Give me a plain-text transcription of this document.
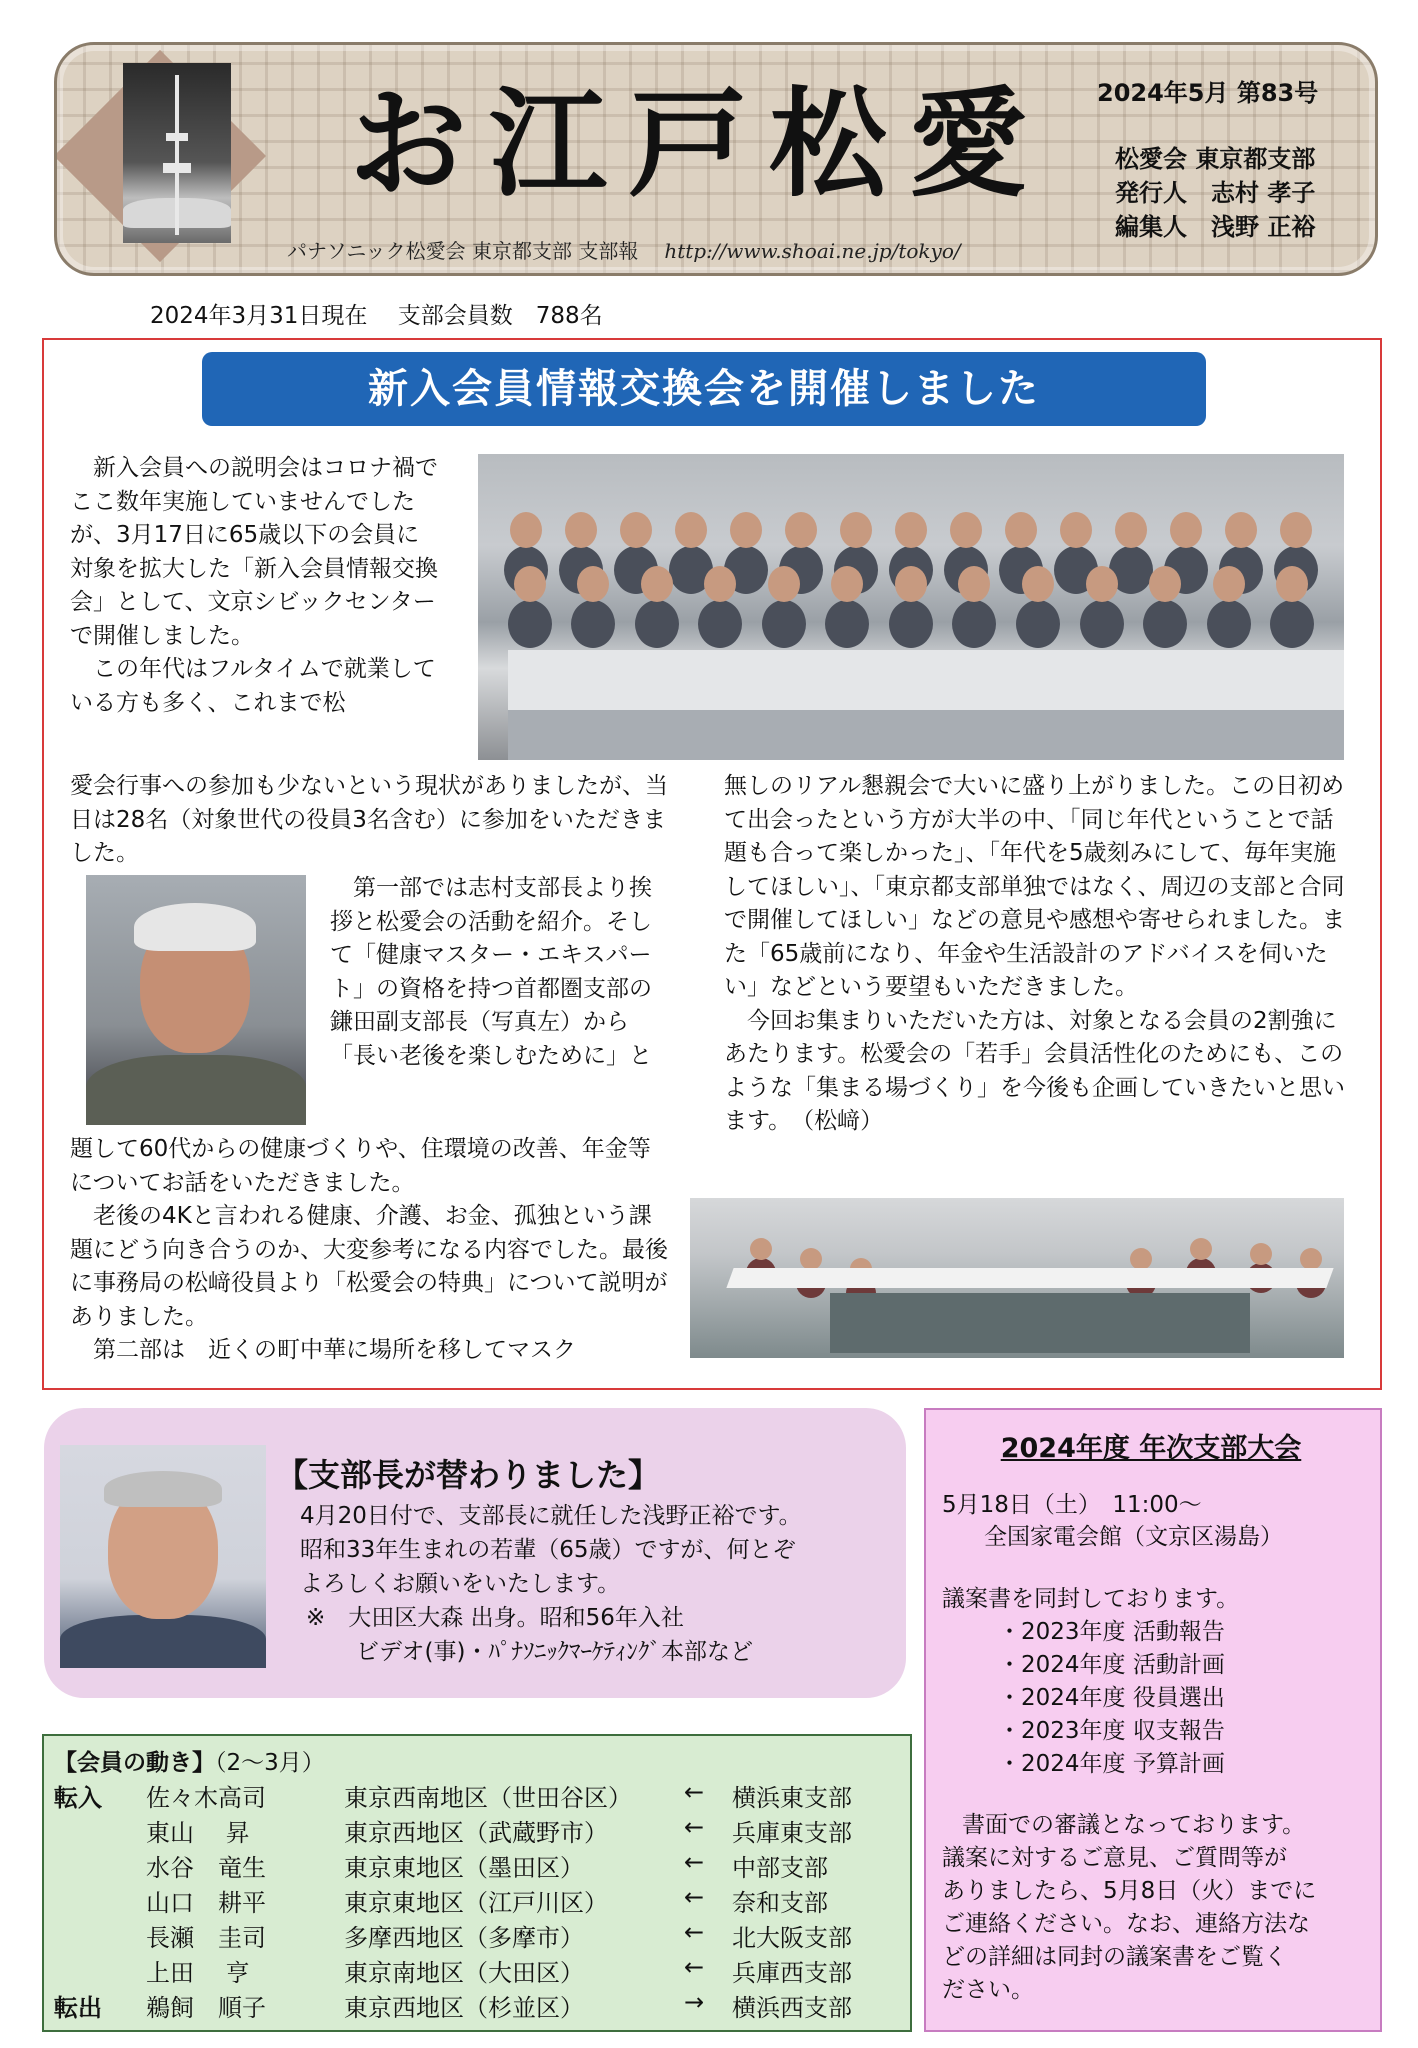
お江戸松愛
パナソニック松愛会 東京都支部 支部報 http://www.shoai.ne.jp/tokyo/
2024年5月 第83号
松愛会 東京都支部
発行人　志村 孝子
編集人　浅野 正裕
2024年3月31日現在　 支部会員数　788名
新入会員情報交換会を開催しました

新入会員への説明会はコロナ禍でここ数年実施していませんでしたが、3月17日に65歳以下の会員に対象を拡大した「新入会員情報交換会」として、文京シビックセンターで開催しました。

この年代はフルタイムで就業している方も多く、これまで松

愛会行事への参加も少ないという現状がありましたが、当日は28名（対象世代の役員3名含む）に参加をいただきました。

第一部では志村支部長より挨拶と松愛会の活動を紹介。そして「健康マスター・エキスパート」の資格を持つ首都圏支部の鎌田副支部長（写真左）から「長い老後を楽しむために」と

題して60代からの健康づくりや、住環境の改善、年金等についてお話をいただきました。

老後の4Kと言われる健康、介護、お金、孤独という課題にどう向き合うのか、大変参考になる内容でした。最後に事務局の松﨑役員より「松愛会の特典」について説明がありました。

第二部は　近くの町中華に場所を移してマスク

無しのリアル懇親会で大いに盛り上がりました。この日初めて出会ったという方が大半の中、「同じ年代ということで話題も合って楽しかった」、「年代を5歳刻みにして、毎年実施してほしい」、「東京都支部単独ではなく、周辺の支部と合同で開催してほしい」などの意見や感想や寄せられました。また「65歳前になり、年金や生活設計のアドバイスを伺いたい」などという要望もいただきました。

今回お集まりいただいた方は、対象となる会員の2割強にあたります。松愛会の「若手」会員活性化のためにも、このような「集まる場づくり」を今後も企画していきたいと思います。　（松﨑）

【支部長が替わりました】
4月20日付で、支部長に就任した浅野正裕です。
昭和33年生まれの若輩（65歳）ですが、何とぞ
よろしくお願いをいたします。
※　大田区大森 出身。昭和56年入社
ビデオ(事)・ﾊﾟﾅｿﾆｯｸﾏｰｹﾃｨﾝｸﾞ本部など
【会員の動き】（2～3月）
転入 佐々木高司	東京西南地区（世田谷区） ← 横浜東支部
東山　 昇	東京西地区（武蔵野市）	← 兵庫東支部
水谷　竜生	東京東地区（墨田区）	← 中部支部
山口　耕平	東京東地区（江戸川区）	← 奈和支部
長瀬　圭司	多摩西地区（多摩市）	← 北大阪支部
上田　 亨	東京南地区（大田区）	← 兵庫西支部
転出 鵜飼　順子	東京西地区（杉並区）	→ 横浜西支部
2024年度 年次支部大会
5月18日（土）　11:00～
全国家電会館（文京区湯島）
議案書を同封しております。
・2023年度 活動報告
・2024年度 活動計画
・2024年度 役員選出
・2023年度 収支報告
・2024年度 予算計画
書面での審議となっております。
議案に対するご意見、ご質問等が
ありましたら、5月8日（火）までに
ご連絡ください。なお、連絡方法な
どの詳細は同封の議案書をご覧く
ださい。
